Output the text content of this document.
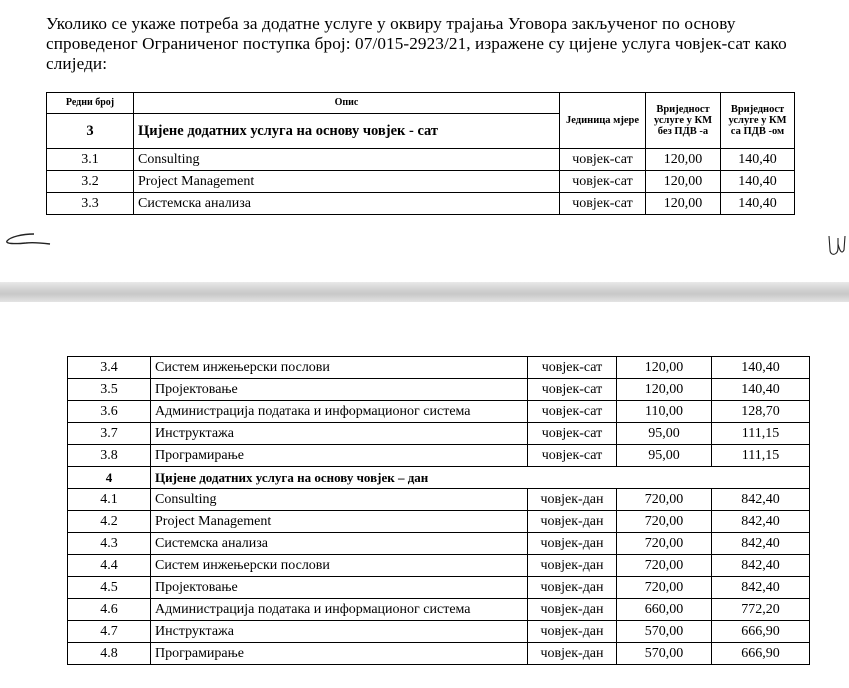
Уколико се укаже потреба за додатне услуге у оквиру трајања Уговора закљученог по основу спроведеног Ограниченог поступка број: 07/015-2923/21, изражене су цијене услуга човјек-сат како слиједи:
Редни број	Опис	Јединица мјере	Вриједност услуге у КМ без ПДВ -а	Вриједност услуге у КМ са ПДВ -ом
3	Цијене додатних услуга на основу човјек - сат			
3.1	Consulting	човјек-сат	120,00	140,40
3.2	Project Management	човјек-сат	120,00	140,40
3.3	Системска анализа	човјек-сат	120,00	140,40
3.4	Систем инжењерски послови	човјек-сат	120,00	140,40
3.5	Пројектовање	човјек-сат	120,00	140,40
3.6	Администрација података и информационог система	човјек-сат	110,00	128,70
3.7	Инструктажа	човјек-сат	95,00	111,15
3.8	Програмирање	човјек-сат	95,00	111,15
4	Цијене додатних услуга на основу човјек – дан			
4.1	Consulting	човјек-дан	720,00	842,40
4.2	Project Management	човјек-дан	720,00	842,40
4.3	Системска анализа	човјек-дан	720,00	842,40
4.4	Систем инжењерски послови	човјек-дан	720,00	842,40
4.5	Пројектовање	човјек-дан	720,00	842,40
4.6	Администрација података и информационог система	човјек-дан	660,00	772,20
4.7	Инструктажа	човјек-дан	570,00	666,90
4.8	Програмирање	човјек-дан	570,00	666,90
